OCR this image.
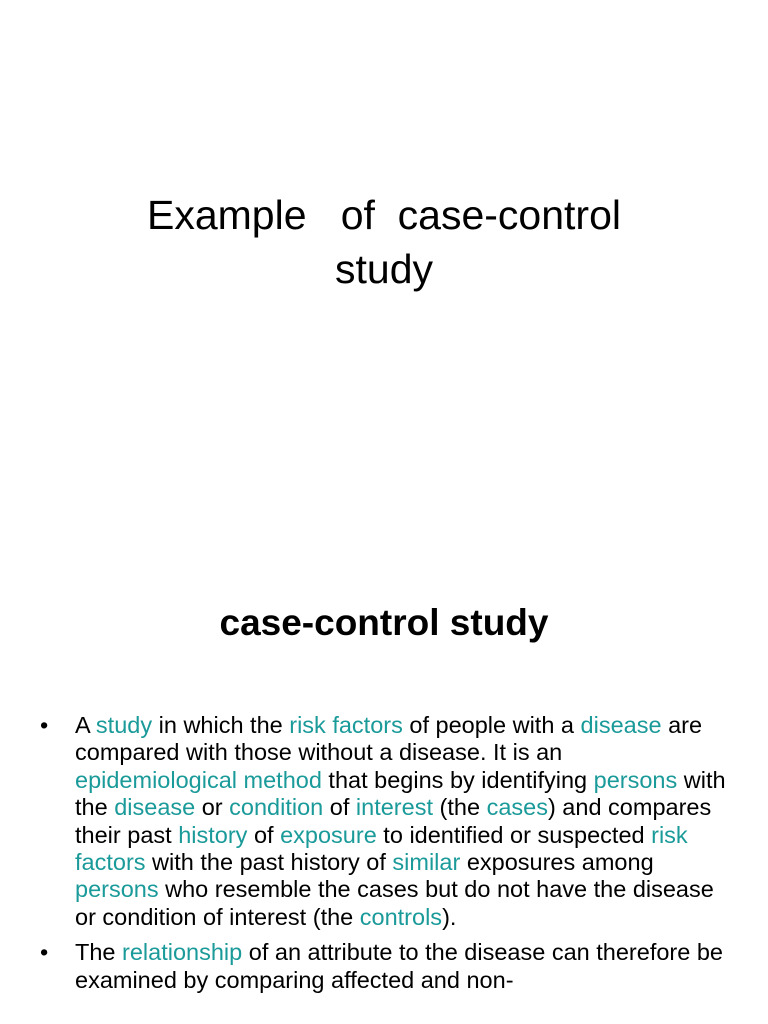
Example   of  case-control
study
case-control study
•	A study in which the risk factors of people with a disease are compared with those without a disease. It is an epidemiological method that begins by identifying persons with the disease or condition of interest (the cases) and compares their past history of exposure to identified or suspected risk factors with the past history of similar exposures among persons who resemble the cases but do not have the disease or condition of interest (the controls).
•	The relationship of an attribute to the disease can therefore be examined by comparing affected and non-
